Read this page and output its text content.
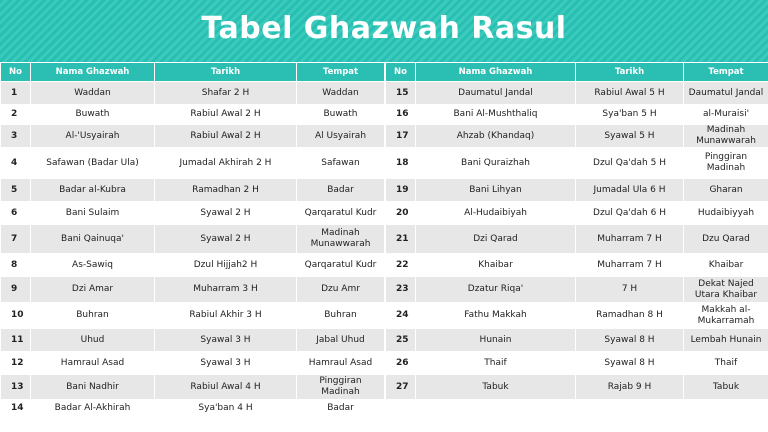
Tabel Ghazwah Rasul
No	Nama Ghazwah	Tarikh	Tempat
1	Waddan	Shafar 2 H	Waddan
2	Buwath	Rabiul Awal 2 H	Buwath
3	Al-'Usyairah	Rabiul Awal 2 H	Al Usyairah
4	Safawan (Badar Ula)	Jumadal Akhirah 2 H	Safawan
5	Badar al-Kubra	Ramadhan 2 H	Badar
6	Bani Sulaim	Syawal 2 H	Qarqaratul Kudr
7	Bani Qainuqa'	Syawal 2 H	Madinah Munawwarah
8	As-Sawiq	Dzul Hijjah2 H	Qarqaratul Kudr
9	Dzi Amar	Muharram 3 H	Dzu Amr
10	Buhran	Rabiul Akhir 3 H	Buhran
11	Uhud	Syawal 3 H	Jabal Uhud
12	Hamraul Asad	Syawal 3 H	Hamraul Asad
13	Bani Nadhir	Rabiul Awal 4 H	Pinggiran Madinah
14	Badar Al-Akhirah	Sya'ban 4 H	Badar
No	Nama Ghazwah	Tarikh	Tempat
15	Daumatul Jandal	Rabiul Awal 5 H	Daumatul Jandal
16	Bani Al-Mushthaliq	Sya'ban 5 H	al-Muraisi'
17	Ahzab (Khandaq)	Syawal 5 H	Madinah Munawwarah
18	Bani Quraizhah	Dzul Qa'dah 5 H	Pinggiran Madinah
19	Bani Lihyan	Jumadal Ula 6 H	Gharan
20	Al-Hudaibiyah	Dzul Qa'dah 6 H	Hudaibiyyah
21	Dzi Qarad	Muharram 7 H	Dzu Qarad
22	Khaibar	Muharram 7 H	Khaibar
23	Dzatur Riqa'	7 H	Dekat Najed Utara Khaibar
24	Fathu Makkah	Ramadhan 8 H	Makkah al-Mukarramah
25	Hunain	Syawal 8 H	Lembah Hunain
26	Thaif	Syawal 8 H	Thaif
27	Tabuk	Rajab 9 H	Tabuk
